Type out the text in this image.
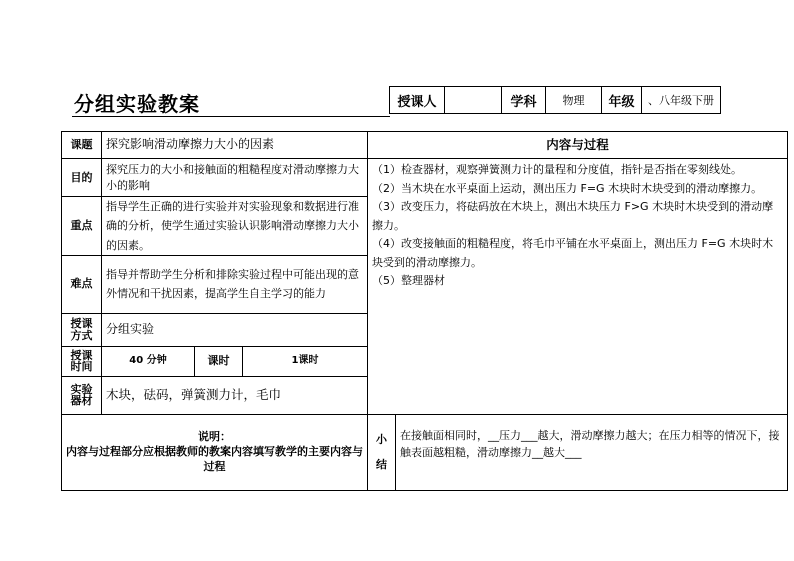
分组实验教案	授课人		学科	物理	年级	、八年级下册
课题	探究影响滑动摩擦力大小的因素			内容与过程		
目的	探究压力的大小和接触面的粗糙程度对滑动摩擦力大小的影响			（1）检查器材，观察弹簧测力计的量程和分度值，指针是否指在零刻线处。

（2）当木块在水平桌面上运动，测出压力 F=G 木块时木块受到的滑动摩擦力。

（3）改变压力，将砝码放在木块上，测出木块压力 F>G 木块时木块受到的滑动摩擦力。

（4）改变接触面的粗糙程度，将毛巾平铺在水平桌面上，测出压力 F=G 木块时木块受到的滑动摩擦力。

（5）整理器材		

重点	指导学生正确的进行实验并对实验现象和数据进行准确的分析，使学生通过实验认识影响滑动摩擦力大小的因素。					
难点	指导并帮助学生分析和排除实验过程中可能出现的意外情况和干扰因素，提高学生自主学习的能力					
授课方式	分组实验					
授课时间	40 分钟	课时	1课时			
实验器材	木块，砝码，弹簧测力计，毛巾					

说明：
内容与过程部分应根据教师的教案内容填写教学的主要内容与过程				小结	在接触面相同时，__压力___越大，滑动摩擦力越大；在压力相等的情况下，接触表面越粗糙，滑动摩擦力__越大___	
